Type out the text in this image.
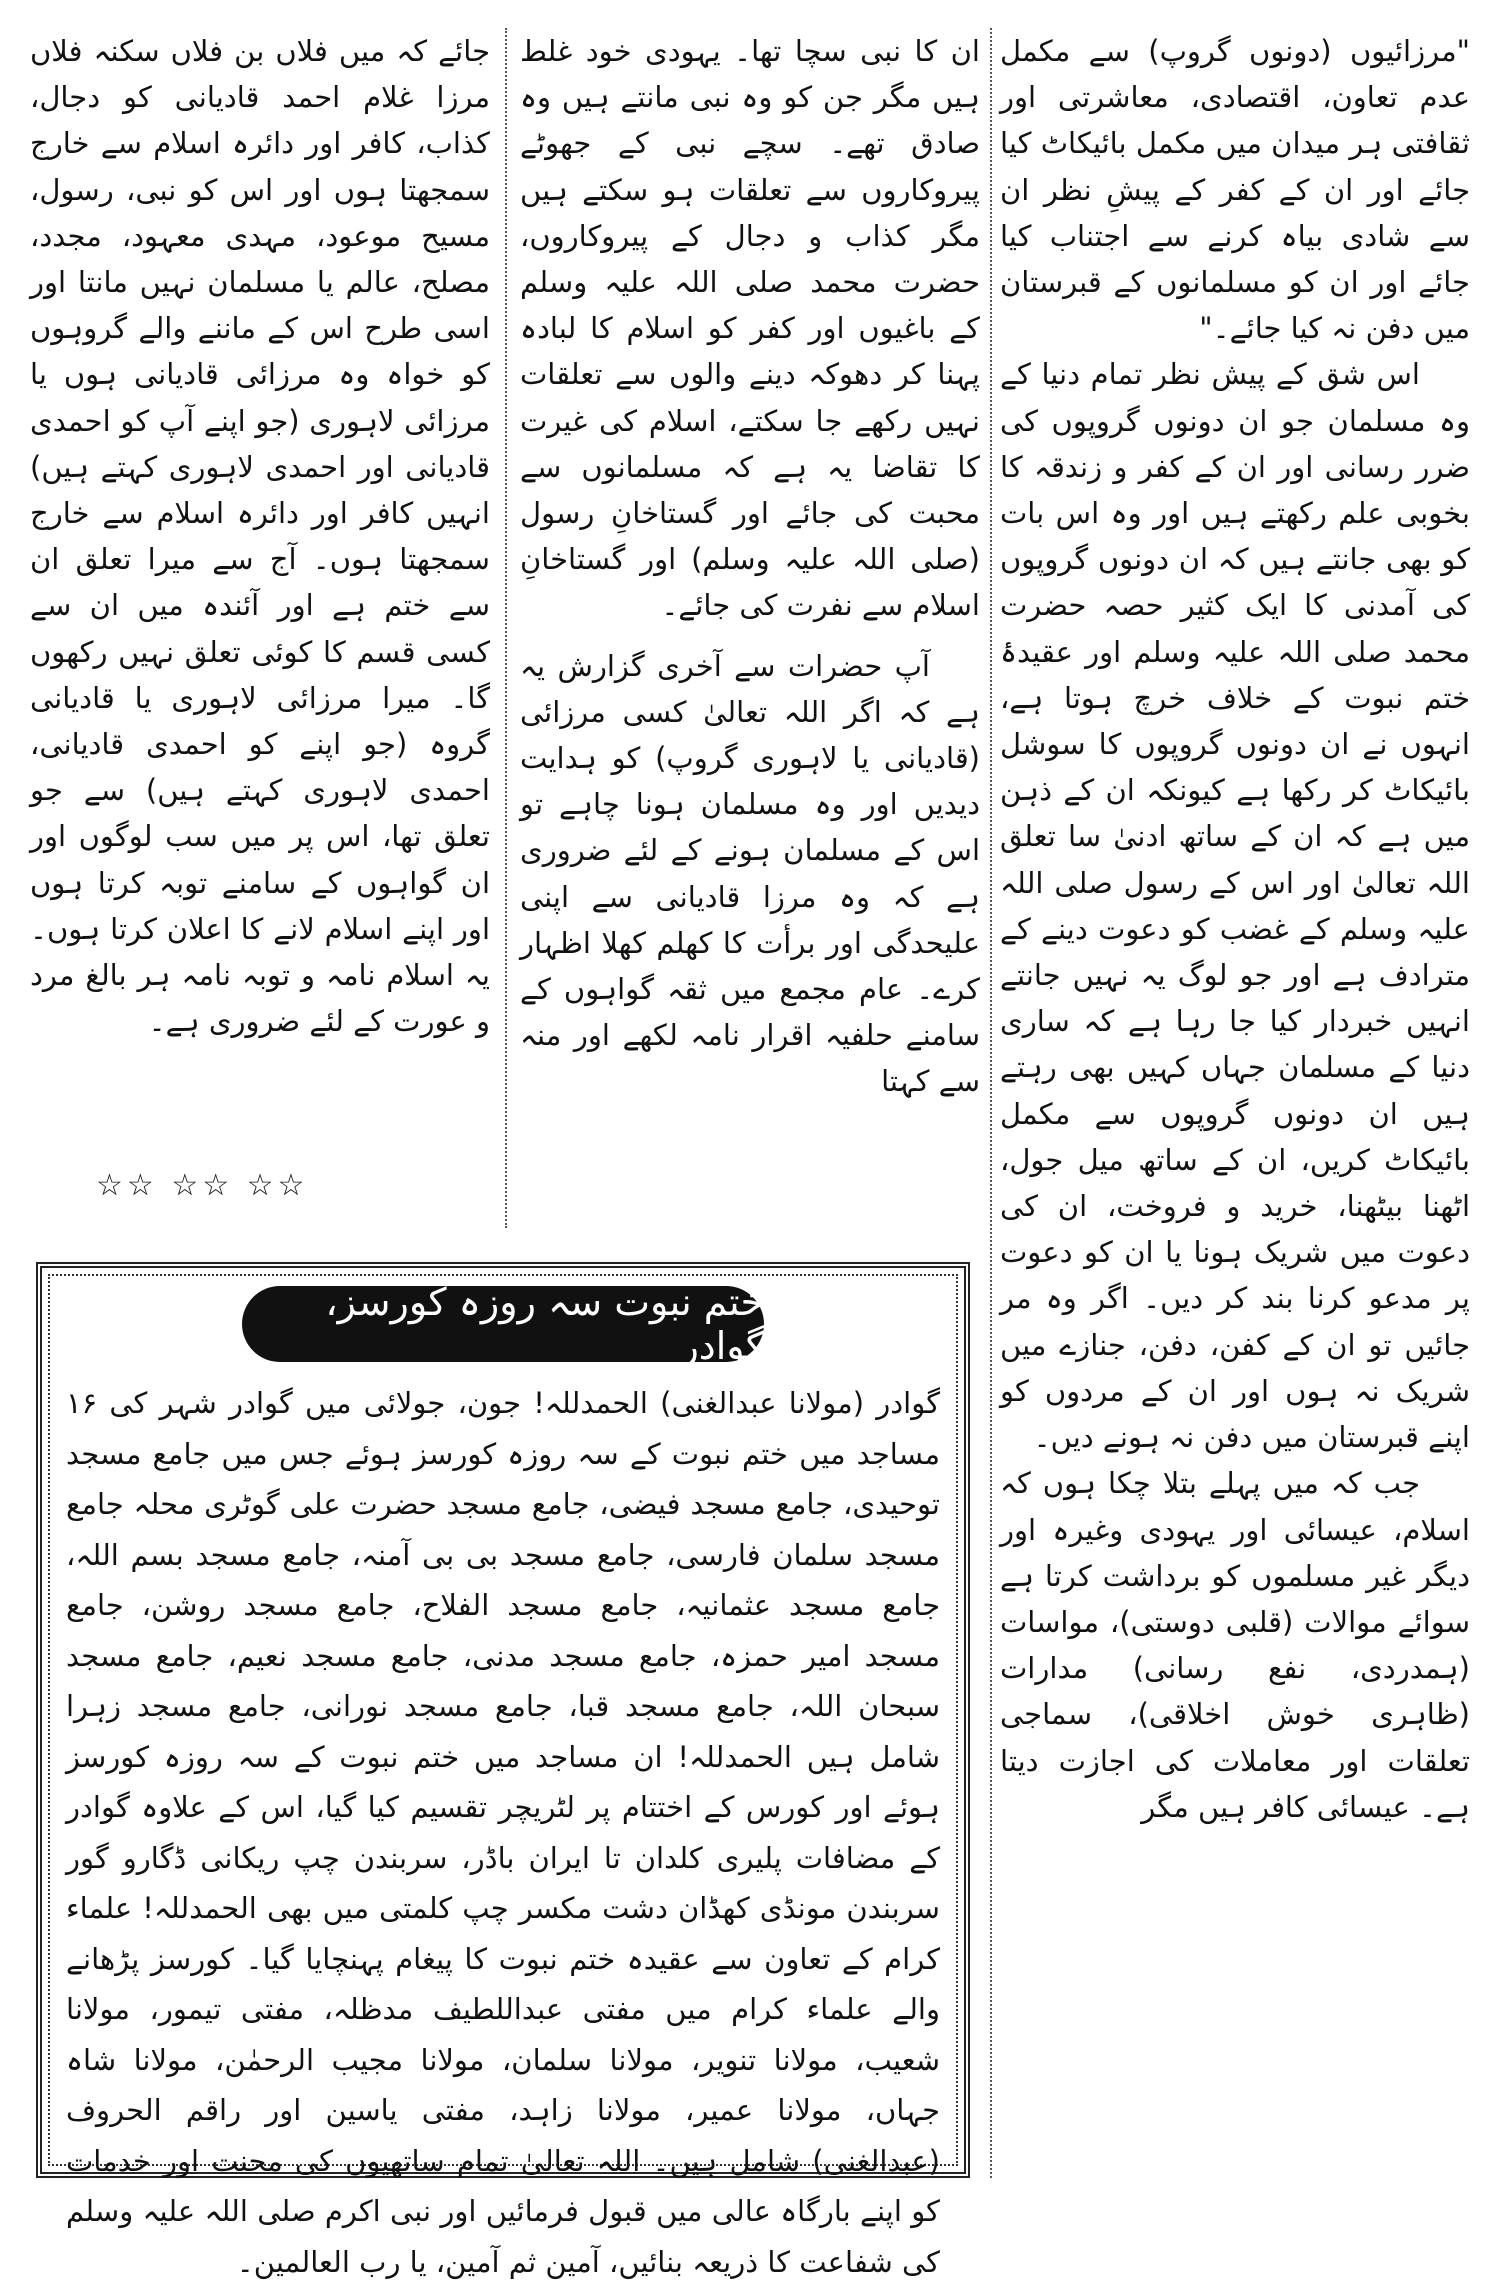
"مرزائیوں (دونوں گروپ) سے مکمل عدم تعاون، اقتصادی، معاشرتی اور ثقافتی ہر میدان میں مکمل بائیکاٹ کیا جائے اور ان کے کفر کے پیشِ نظر ان سے شادی بیاہ کرنے سے اجتناب کیا جائے اور ان کو مسلمانوں کے قبرستان میں دفن نہ کیا جائے۔"

اس شق کے پیش نظر تمام دنیا کے وہ مسلمان جو ان دونوں گروپوں کی ضرر رسانی اور ان کے کفر و زندقہ کا بخوبی علم رکھتے ہیں اور وہ اس بات کو بھی جانتے ہیں کہ ان دونوں گروپوں کی آمدنی کا ایک کثیر حصہ حضرت محمد صلی اللہ علیہ وسلم اور عقیدۂ ختم نبوت کے خلاف خرچ ہوتا ہے، انہوں نے ان دونوں گروپوں کا سوشل بائیکاٹ کر رکھا ہے کیونکہ ان کے ذہن میں ہے کہ ان کے ساتھ ادنیٰ سا تعلق اللہ تعالیٰ اور اس کے رسول صلی اللہ علیہ وسلم کے غضب کو دعوت دینے کے مترادف ہے اور جو لوگ یہ نہیں جانتے انہیں خبردار کیا جا رہا ہے کہ ساری دنیا کے مسلمان جہاں کہیں بھی رہتے ہیں ان دونوں گروپوں سے مکمل بائیکاٹ کریں، ان کے ساتھ میل جول، اٹھنا بیٹھنا، خرید و فروخت، ان کی دعوت میں شریک ہونا یا ان کو دعوت پر مدعو کرنا بند کر دیں۔ اگر وہ مر جائیں تو ان کے کفن، دفن، جنازے میں شریک نہ ہوں اور ان کے مردوں کو اپنے قبرستان میں دفن نہ ہونے دیں۔

جب کہ میں پہلے بتلا چکا ہوں کہ اسلام، عیسائی اور یہودی وغیرہ اور دیگر غیر مسلموں کو برداشت کرتا ہے سوائے موالات (قلبی دوستی)، مواسات (ہمدردی، نفع رسانی) مدارات (ظاہری خوش اخلاقی)، سماجی تعلقات اور معاملات کی اجازت دیتا ہے۔ عیسائی کافر ہیں مگر

ان کا نبی سچا تھا۔ یہودی خود غلط ہیں مگر جن کو وہ نبی مانتے ہیں وہ صادق تھے۔ سچے نبی کے جھوٹے پیروکاروں سے تعلقات ہو سکتے ہیں مگر کذاب و دجال کے پیروکاروں، حضرت محمد صلی اللہ علیہ وسلم کے باغیوں اور کفر کو اسلام کا لبادہ پہنا کر دھوکہ دینے والوں سے تعلقات نہیں رکھے جا سکتے، اسلام کی غیرت کا تقاضا یہ ہے کہ مسلمانوں سے محبت کی جائے اور گستاخانِ رسول (صلی اللہ علیہ وسلم) اور گستاخانِ اسلام سے نفرت کی جائے۔

آپ حضرات سے آخری گزارش یہ ہے کہ اگر اللہ تعالیٰ کسی مرزائی (قادیانی یا لاہوری گروپ) کو ہدایت دیدیں اور وہ مسلمان ہونا چاہے تو اس کے مسلمان ہونے کے لئے ضروری ہے کہ وہ مرزا قادیانی سے اپنی علیحدگی اور برأت کا کھلم کھلا اظہار کرے۔ عام مجمع میں ثقہ گواہوں کے سامنے حلفیہ اقرار نامہ لکھے اور منہ سے کہتا

جائے کہ میں فلاں بن فلاں سکنہ فلاں مرزا غلام احمد قادیانی کو دجال، کذاب، کافر اور دائرہ اسلام سے خارج سمجھتا ہوں اور اس کو نبی، رسول، مسیح موعود، مہدی معہود، مجدد، مصلح، عالم یا مسلمان نہیں مانتا اور اسی طرح اس کے ماننے والے گروہوں کو خواہ وہ مرزائی قادیانی ہوں یا مرزائی لاہوری (جو اپنے آپ کو احمدی قادیانی اور احمدی لاہوری کہتے ہیں) انہیں کافر اور دائرہ اسلام سے خارج سمجھتا ہوں۔ آج سے میرا تعلق ان سے ختم ہے اور آئندہ میں ان سے کسی قسم کا کوئی تعلق نہیں رکھوں گا۔ میرا مرزائی لاہوری یا قادیانی گروہ (جو اپنے کو احمدی قادیانی، احمدی لاہوری کہتے ہیں) سے جو تعلق تھا، اس پر میں سب لوگوں اور ان گواہوں کے سامنے توبہ کرتا ہوں اور اپنے اسلام لانے کا اعلان کرتا ہوں۔ یہ اسلام نامہ و توبہ نامہ ہر بالغ مرد و عورت کے لئے ضروری ہے۔

☆☆ ☆☆ ☆☆
ختم نبوت سہ روزہ کورسز، گوادر

گوادر (مولانا عبدالغنی) الحمدللہ! جون، جولائی میں گوادر شہر کی ۱۶ مساجد میں ختم نبوت کے سہ روزہ کورسز ہوئے جس میں جامع مسجد توحیدی، جامع مسجد فیضی، جامع مسجد حضرت علی گوٹری محلہ جامع مسجد سلمان فارسی، جامع مسجد بی بی آمنہ، جامع مسجد بسم اللہ، جامع مسجد عثمانیہ، جامع مسجد الفلاح، جامع مسجد روشن، جامع مسجد امیر حمزہ، جامع مسجد مدنی، جامع مسجد نعیم، جامع مسجد سبحان اللہ، جامع مسجد قبا، جامع مسجد نورانی، جامع مسجد زہرا شامل ہیں الحمدللہ! ان مساجد میں ختم نبوت کے سہ روزہ کورسز ہوئے اور کورس کے اختتام پر لٹریچر تقسیم کیا گیا، اس کے علاوہ گوادر کے مضافات پلیری کلدان تا ایران باڈر، سربندن چپ ریکانی ڈگارو گور سربندن مونڈی کھڈان دشت مکسر چپ کلمتی میں بھی الحمدللہ! علماء کرام کے تعاون سے عقیدہ ختم نبوت کا پیغام پہنچایا گیا۔ کورسز پڑھانے والے علماء کرام میں مفتی عبداللطیف مدظلہ، مفتی تیمور، مولانا شعیب، مولانا تنویر، مولانا سلمان، مولانا مجیب الرحمٰن، مولانا شاہ جہاں، مولانا عمیر، مولانا زاہد، مفتی یاسین اور راقم الحروف (عبدالغنی) شامل ہیں۔ اللہ تعالیٰ تمام ساتھیوں کی محنت اور خدمات کو اپنے بارگاہ عالی میں قبول فرمائیں اور نبی اکرم صلی اللہ علیہ وسلم کی شفاعت کا ذریعہ بنائیں، آمین ثم آمین، یا رب العالمین۔
